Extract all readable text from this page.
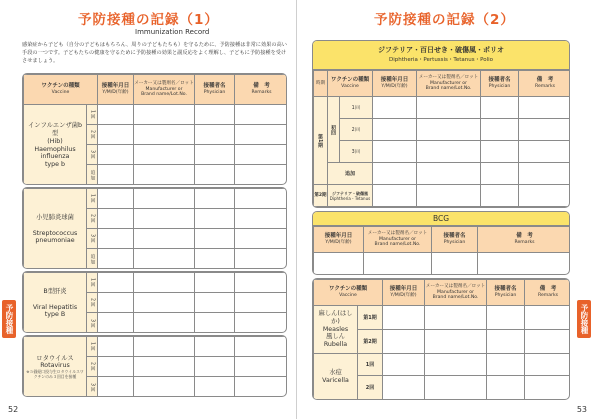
予防接種の記録（1）
Immunization Record
感染症から子ども（自分の子どもはもちろん、周りの子どもたちも）を守るために、予防接種は非常に効果の高い手段の一つです。子どもたちの健康を守るために予防接種の効果と副反応をよく理解し、子どもに予防接種を受けさせましょう。
ワクチンの種類
Vaccine		接種年月日
Y/M/D(年齢)	メーカー又は製剤名／ロット
Manufacturer or
Brand name/Lot.No.	接種者名
Physician	備　考
Remarks
インフルエンザ菌b型
(Hib)
Haemophilus
influenza
type b	1回				
	2回				
	3回				
	追加				
小児肺炎球菌

Streptococcus
pneumoniae	1回				
	2回				
	3回				
	追加				
B型肝炎

Viral Hepatitis
type B	1回				
	2回				
	3回				
ロタウイルス
Rotavirus
※５価経口投与生ロタウイルスワクチンのみ３回目を接種	1回				
	2回				
	3回				
52
予防接種の記録（2）
ジフテリア・百日せき・破傷風・ポリオ
Diphtheria・Pertussis・Tetanus・Polio
時期	ワクチンの種類
Vaccine		接種年月日
Y/M/D(年齢)	メーカー又は製剤名／ロット
Manufacturer or
Brand name/Lot.No.	接種者名
Physician	備　考
Remarks
第1期	初回	1回				
		2回				
		3回				
	追加					
第2期	ジフテリア・破傷風
Diphtheria・Tetanus					
BCG
接種年月日
Y/M/D(年齢)	メーカー又は製剤名／ロット
Manufacturer or
Brand name/Lot.No.	接種者名
Physician	備　考
Remarks

ワクチンの種類
Vaccine		接種年月日
Y/M/D(年齢)	メーカー又は製剤名／ロット
Manufacturer or
Brand name/Lot.No.	接種者名
Physician	備　考
Remarks
麻しん(はしか)
Measles
風しん
Rubella	第1期				
	第2期				
水痘
Varicella	1回				
	2回				
予防接種
53
予防接種
